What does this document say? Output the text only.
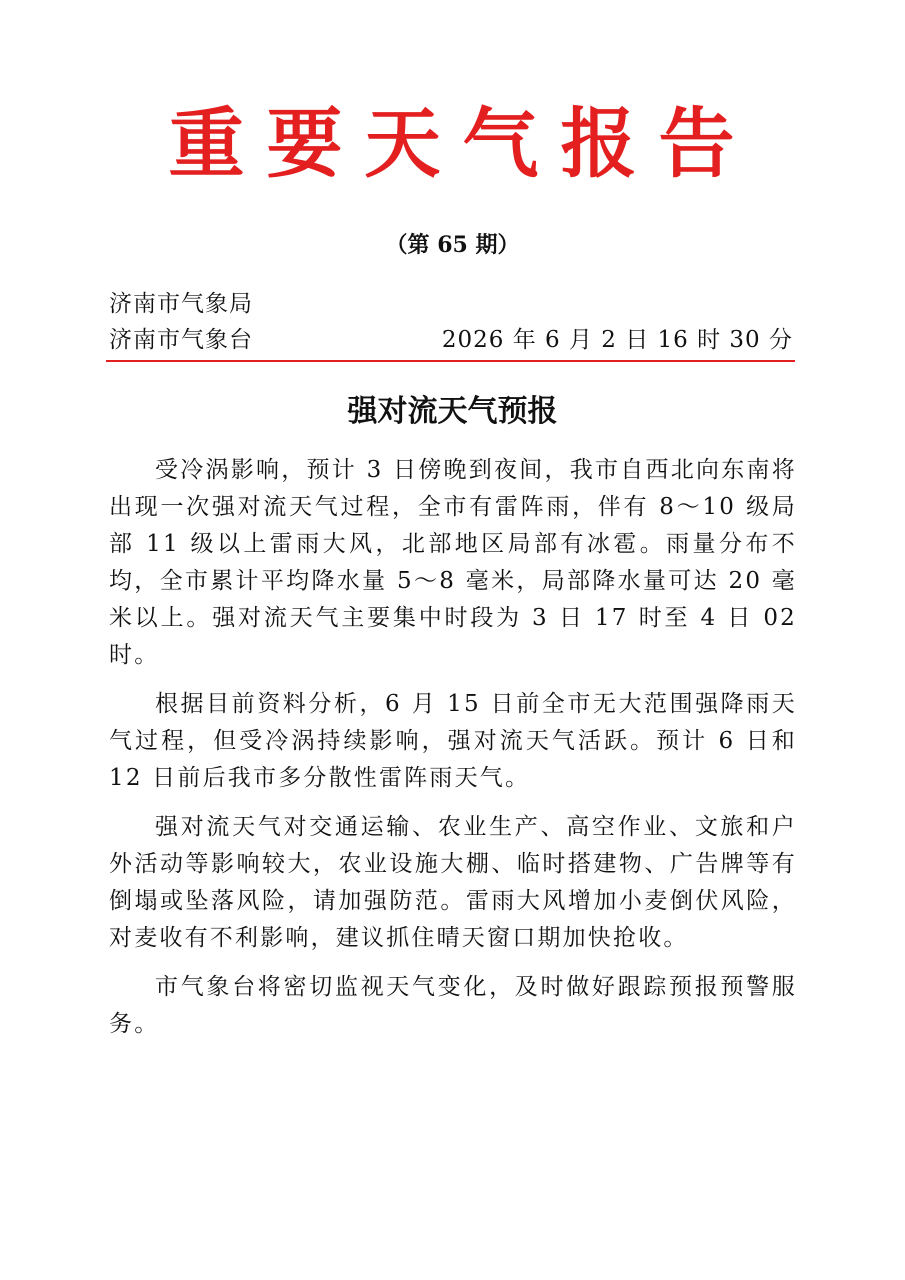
重要天气报告
（第 65 期）
济南市气象局
济南市气象台	2026 年 6 月 2 日 16 时 30 分
强对流天气预报

受冷涡影响，预计 3 日傍晚到夜间，我市自西北向东南将出现一次强对流天气过程，全市有雷阵雨，伴有 8～10 级局部 11 级以上雷雨大风，北部地区局部有冰雹。雨量分布不均，全市累计平均降水量 5～8 毫米，局部降水量可达 20 毫米以上。强对流天气主要集中时段为 3 日 17 时至 4 日 02 时。

根据目前资料分析，6 月 15 日前全市无大范围强降雨天气过程，但受冷涡持续影响，强对流天气活跃。预计 6 日和 12 日前后我市多分散性雷阵雨天气。

强对流天气对交通运输、农业生产、高空作业、文旅和户外活动等影响较大，农业设施大棚、临时搭建物、广告牌等有倒塌或坠落风险，请加强防范。雷雨大风增加小麦倒伏风险，对麦收有不利影响，建议抓住晴天窗口期加快抢收。

市气象台将密切监视天气变化，及时做好跟踪预报预警服务。
